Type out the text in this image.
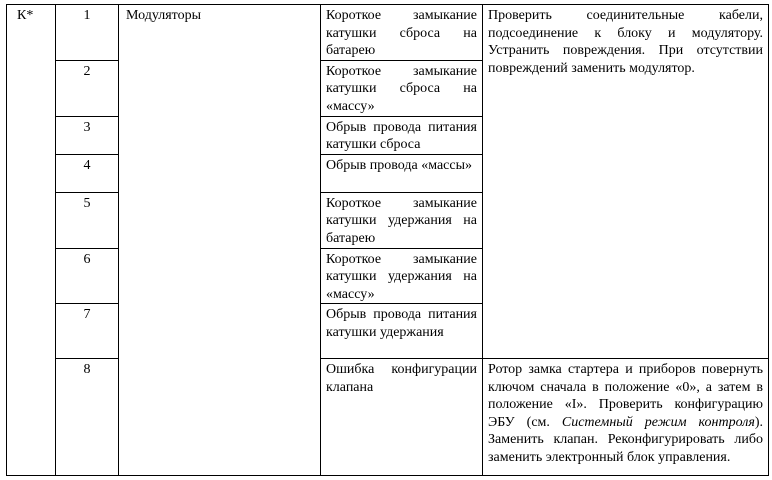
К*	1	Модуляторы	Короткое замыкание катушки сброса на батарею	Проверить соединительные кабели, подсоединение к блоку и модулятору. Устранить повреждения. При отсутствии повреждений заменить модулятор.
	2		Короткое замыкание катушки сброса на «массу»	
	3		Обрыв провода питания катушки сброса	
	4		Обрыв провода «массы»	
	5		Короткое замыкание катушки удержания на батарею	
	6		Короткое замыкание катушки удержания на «массу»	
	7		Обрыв провода питания катушки удержания	
	8		Ошибка конфигурации клапана	Ротор замка стартера и приборов повернуть ключом сначала в положение «0», а затем в положение «I». Проверить конфигурацию ЭБУ (см. Системный режим контроля). Заменить клапан. Реконфигурировать либо заменить электронный блок управления.
